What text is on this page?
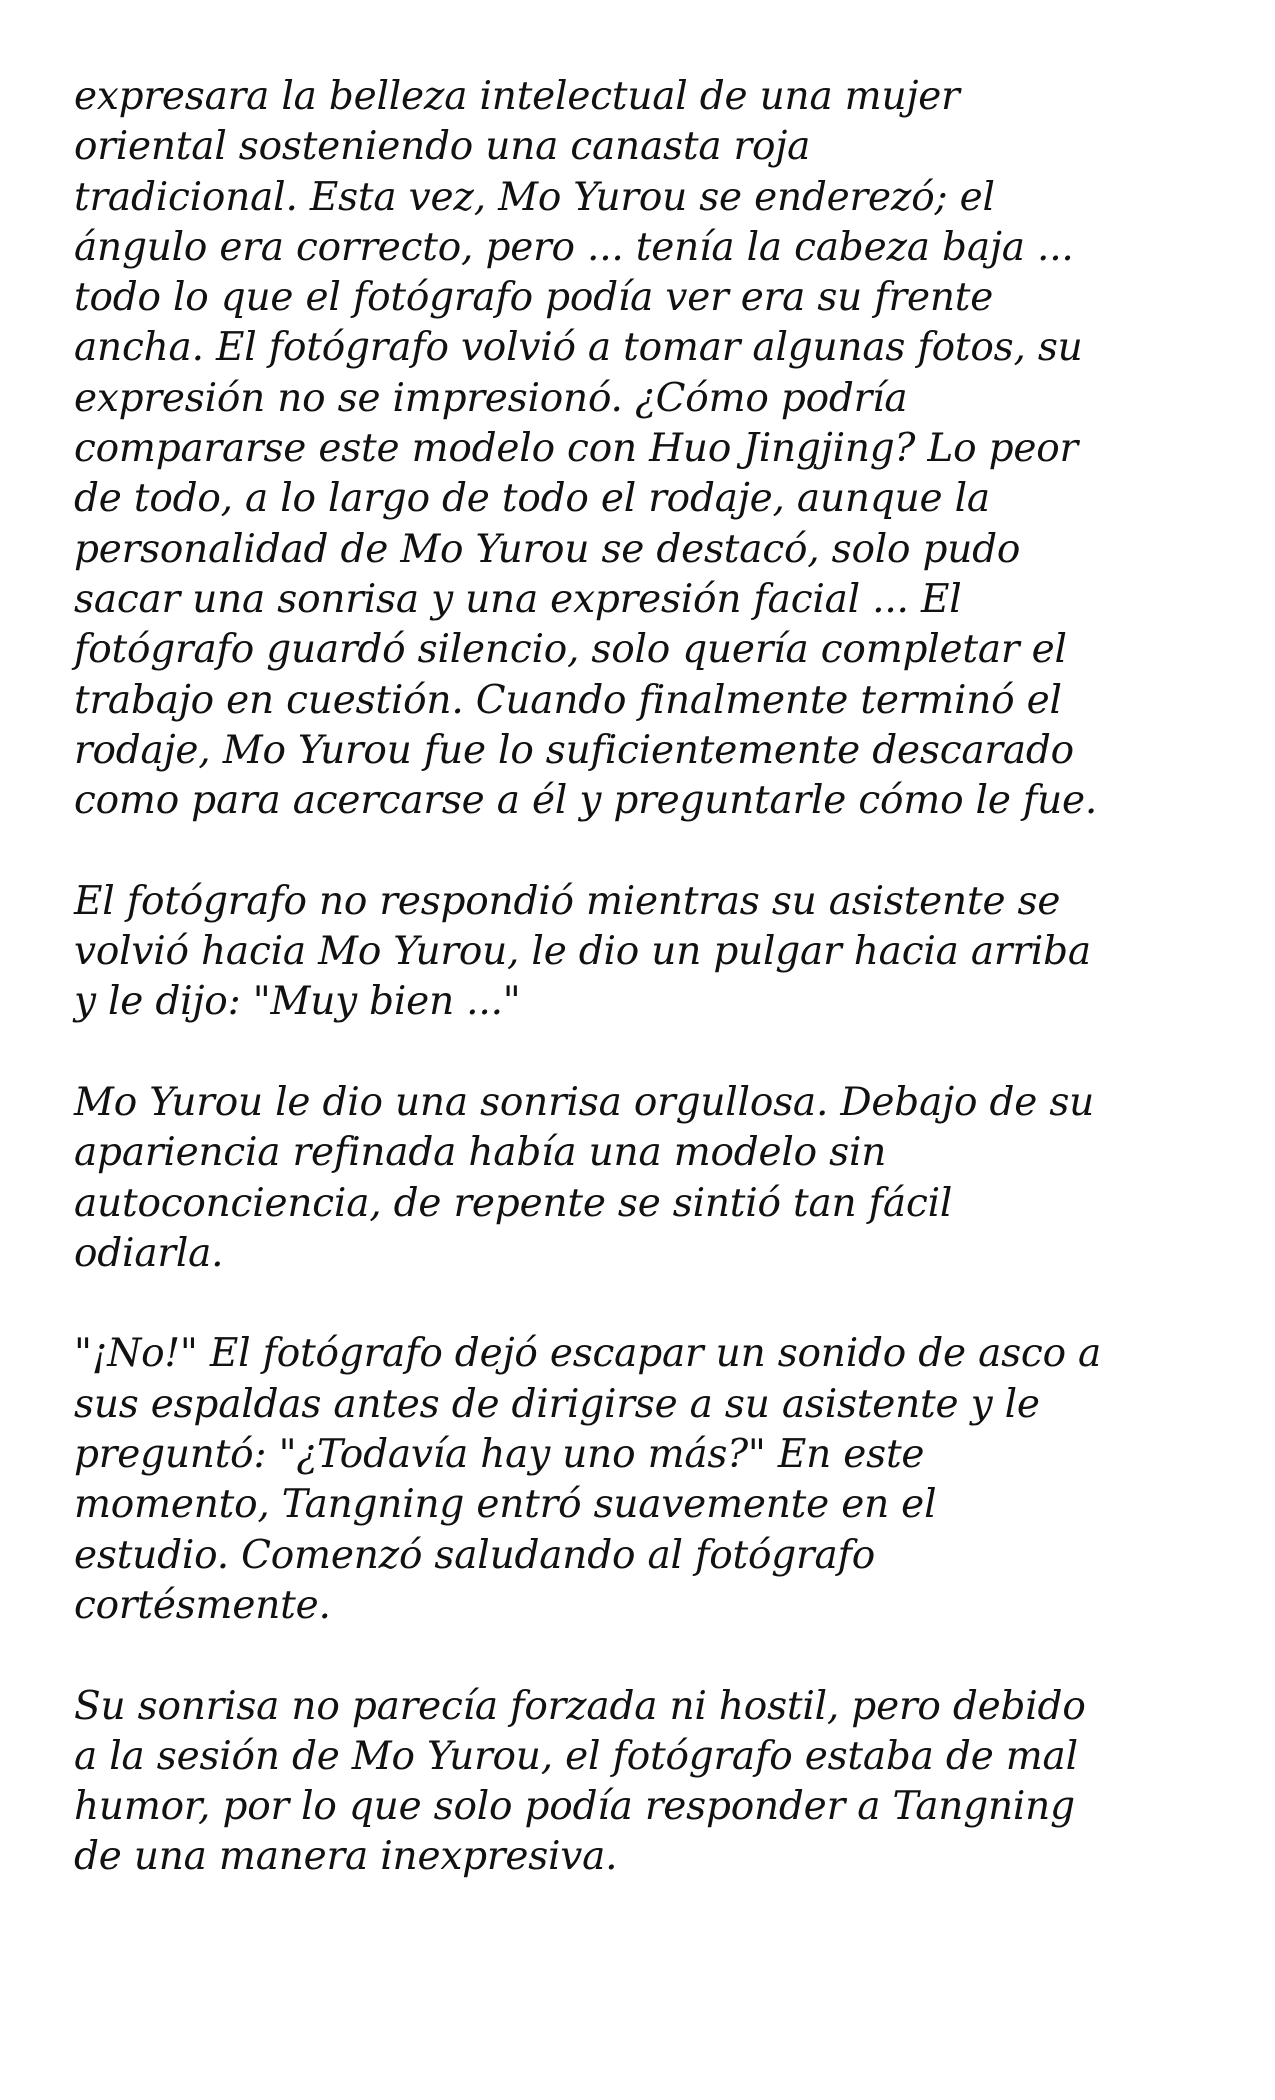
expresara la belleza intelectual de una mujer
oriental sosteniendo una canasta roja
tradicional. Esta vez, Mo Yurou se enderezó; el
ángulo era correcto, pero ... tenía la cabeza baja ...
todo lo que el fotógrafo podía ver era su frente
ancha. El fotógrafo volvió a tomar algunas fotos, su
expresión no se impresionó. ¿Cómo podría
compararse este modelo con Huo Jingjing? Lo peor
de todo, a lo largo de todo el rodaje, aunque la
personalidad de Mo Yurou se destacó, solo pudo
sacar una sonrisa y una expresión facial ... El
fotógrafo guardó silencio, solo quería completar el
trabajo en cuestión. Cuando finalmente terminó el
rodaje, Mo Yurou fue lo suficientemente descarado
como para acercarse a él y preguntarle cómo le fue.
El fotógrafo no respondió mientras su asistente se
volvió hacia Mo Yurou, le dio un pulgar hacia arriba
y le dijo: "Muy bien ..."
Mo Yurou le dio una sonrisa orgullosa. Debajo de su
apariencia refinada había una modelo sin
autoconciencia, de repente se sintió tan fácil
odiarla.
"¡No!" El fotógrafo dejó escapar un sonido de asco a
sus espaldas antes de dirigirse a su asistente y le
preguntó: "¿Todavía hay uno más?" En este
momento, Tangning entró suavemente en el
estudio. Comenzó saludando al fotógrafo
cortésmente.
Su sonrisa no parecía forzada ni hostil, pero debido
a la sesión de Mo Yurou, el fotógrafo estaba de mal
humor, por lo que solo podía responder a Tangning
de una manera inexpresiva.
